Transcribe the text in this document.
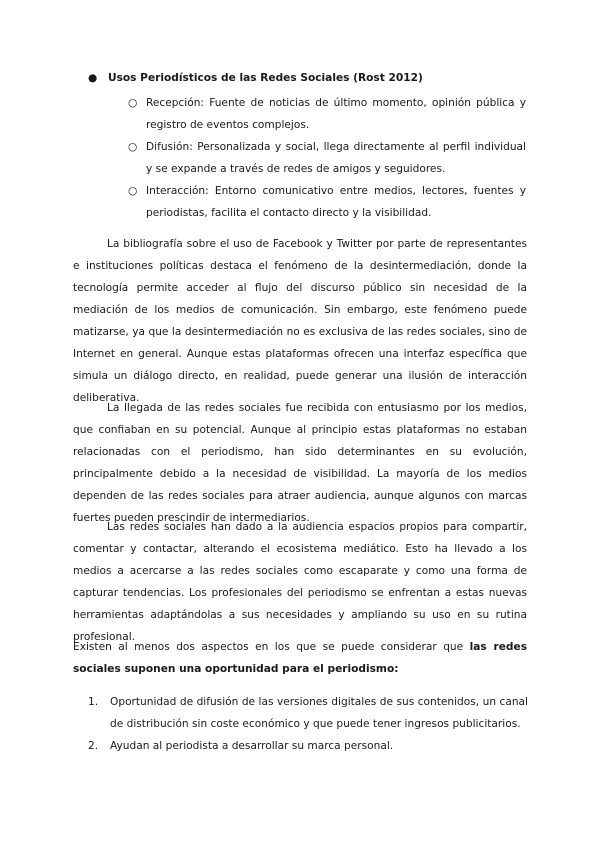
●	Usos Periodísticos de las Redes Sociales (Rost 2012)
○ Recepción: Fuente de noticias de último momento, opinión pública y registro de eventos complejos.
○ Difusión: Personalizada y social, llega directamente al perfil individual y se expande a través de redes de amigos y seguidores.
○ Interacción: Entorno comunicativo entre medios, lectores, fuentes y periodistas, facilita el contacto directo y la visibilidad.

La bibliografía sobre el uso de Facebook y Twitter por parte de representantes e instituciones políticas destaca el fenómeno de la desintermediación, donde la tecnología permite acceder al flujo del discurso público sin necesidad de la mediación de los medios de comunicación. Sin embargo, este fenómeno puede matizarse, ya que la desintermediación no es exclusiva de las redes sociales, sino de Internet en general. Aunque estas plataformas ofrecen una interfaz específica que simula un diálogo directo, en realidad, puede generar una ilusión de interacción deliberativa.

La llegada de las redes sociales fue recibida con entusiasmo por los medios, que confiaban en su potencial. Aunque al principio estas plataformas no estaban relacionadas con el periodismo, han sido determinantes en su evolución, principalmente debido a la necesidad de visibilidad. La mayoría de los medios dependen de las redes sociales para atraer audiencia, aunque algunos con marcas fuertes pueden prescindir de intermediarios.

Las redes sociales han dado a la audiencia espacios propios para compartir, comentar y contactar, alterando el ecosistema mediático. Esto ha llevado a los medios a acercarse a las redes sociales como escaparate y como una forma de capturar tendencias. Los profesionales del periodismo se enfrentan a estas nuevas herramientas adaptándolas a sus necesidades y ampliando su uso en su rutina profesional.

Existen al menos dos aspectos en los que se puede considerar que las redes sociales suponen una oportunidad para el periodismo:

1. Oportunidad de difusión de las versiones digitales de sus contenidos, un canal de distribución sin coste económico y que puede tener ingresos publicitarios.
2. Ayudan al periodista a desarrollar su marca personal.
